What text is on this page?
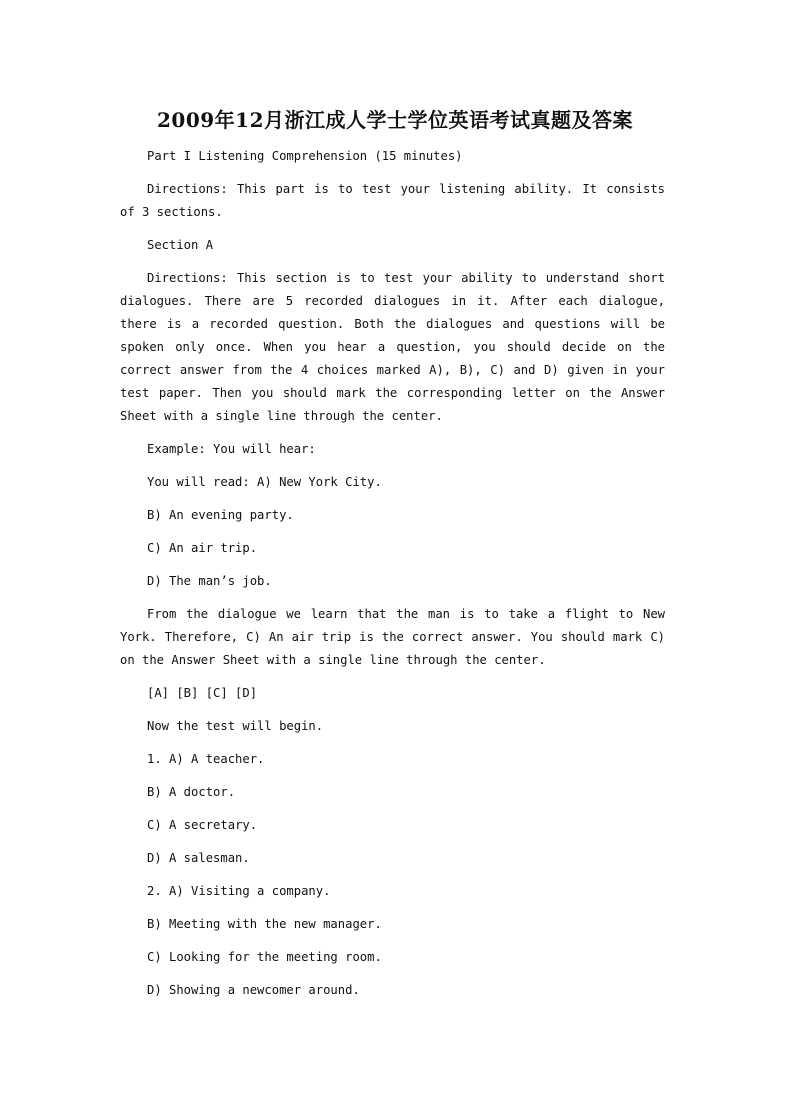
2009年12月浙江成人学士学位英语考试真题及答案

Part I Listening Comprehension (15 minutes)

Directions: This part is to test your listening ability. It consists of 3 sections.

Section A

Directions: This section is to test your ability to understand short dialogues. There are 5 recorded dialogues in it. After each dialogue, there is a recorded question. Both the dialogues and questions will be spoken only once. When you hear a question, you should decide on the correct answer from the 4 choices marked A), B), C) and D) given in your test paper. Then you should mark the corresponding letter on the Answer Sheet with a single line through the center.

Example: You will hear:

You will read: A) New York City.

B) An evening party.

C) An air trip.

D) The man’s job.

From the dialogue we learn that the man is to take a flight to New York. Therefore, C) An air trip is the correct answer. You should mark C) on the Answer Sheet with a single line through the center.

[A] [B] [C] [D]

Now the test will begin.

1. A) A teacher.

B) A doctor.

C) A secretary.

D) A salesman.

2. A) Visiting a company.

B) Meeting with the new manager.

C) Looking for the meeting room.

D) Showing a newcomer around.
